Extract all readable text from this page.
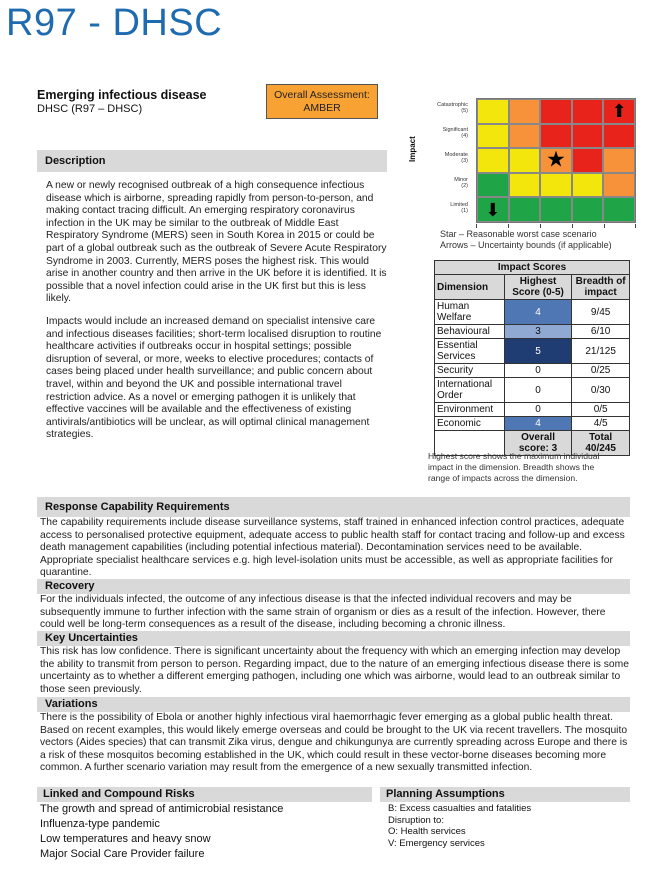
R97 - DHSC
Emerging infectious disease
DHSC (R97 – DHSC)
Overall Assessment:
AMBER
Description
A new or newly recognised outbreak of a high consequence infectious disease which is airborne, spreading rapidly from person-to-person, and making contact tracing difficult. An emerging respiratory coronavirus infection in the UK may be similar to the outbreak of Middle East Respiratory Syndrome (MERS) seen in South Korea in 2015 or could be part of a global outbreak such as the outbreak of Severe Acute Respiratory Syndrome in 2003. Currently, MERS poses the highest risk. This would arise in another country and then arrive in the UK before it is identified. It is possible that a novel infection could arise in the UK first but this is less likely.
Impacts would include an increased demand on specialist intensive care and infectious diseases facilities; short-term localised disruption to routine healthcare activities if outbreaks occur in hospital settings; possible disruption of several, or more, weeks to elective procedures; contacts of cases being placed under health surveillance; and public concern about travel, within and beyond the UK and possible international travel restriction advice. As a novel or emerging pathogen it is unlikely that effective vaccines will be available and the effectiveness of existing antivirals/antibiotics will be unclear, as will optimal clinical management strategies.
Impact
Catastrophic
(5)
Significant
(4)
Moderate
(3)
Minor
(2)
Limited
(1)
⬆
★
⬇
Star – Reasonable worst case scenario
Arrows – Uncertainty bounds (if applicable)
Impact Scores		
Dimension	Highest Score (0-5)	Breadth of impact
Human Welfare	4	9/45
Behavioural	3	6/10
Essential Services	5	21/125
Security	0	0/25
International Order	0	0/30
Environment	0	0/5
Economic	4	4/5
	Overall score: 3	Total 40/245
Highest score shows the maximum individual impact in the dimension. Breadth shows the range of impacts across the dimension.
Response Capability Requirements
The capability requirements include disease surveillance systems, staff trained in enhanced infection control practices, adequate access to personalised protective equipment, adequate access to public health staff for contact tracing and follow-up and excess death management capabilities (including potential infectious material). Decontamination services need to be available. Appropriate specialist healthcare services e.g. high level-isolation units must be accessible, as well as appropriate facilities for quarantine.
Recovery
For the individuals infected, the outcome of any infectious disease is that the infected individual recovers and may be subsequently immune to further infection with the same strain of organism or dies as a result of the infection. However, there could well be long-term consequences as a result of the disease, including becoming a chronic illness.
Key Uncertainties
This risk has low confidence. There is significant uncertainty about the frequency with which an emerging infection may develop the ability to transmit from person to person. Regarding impact, due to the nature of an emerging infectious disease there is some uncertainty as to whether a different emerging pathogen, including one which was airborne, would lead to an outbreak similar to those seen previously.
Variations
There is the possibility of Ebola or another highly infectious viral haemorrhagic fever emerging as a global public health threat. Based on recent examples, this would likely emerge overseas and could be brought to the UK via recent travellers. The mosquito vectors (Aides species) that can transmit Zika virus, dengue and chikungunya are currently spreading across Europe and there is a risk of these mosquitos becoming established in the UK, which could result in these vector-borne diseases becoming more common. A further scenario variation may result from the emergence of a new sexually transmitted infection.
Linked and Compound Risks
The growth and spread of antimicrobial resistance
Influenza-type pandemic
Low temperatures and heavy snow
Major Social Care Provider failure
Planning Assumptions
B: Excess casualties and fatalities
Disruption to:
O: Health services
V: Emergency services
